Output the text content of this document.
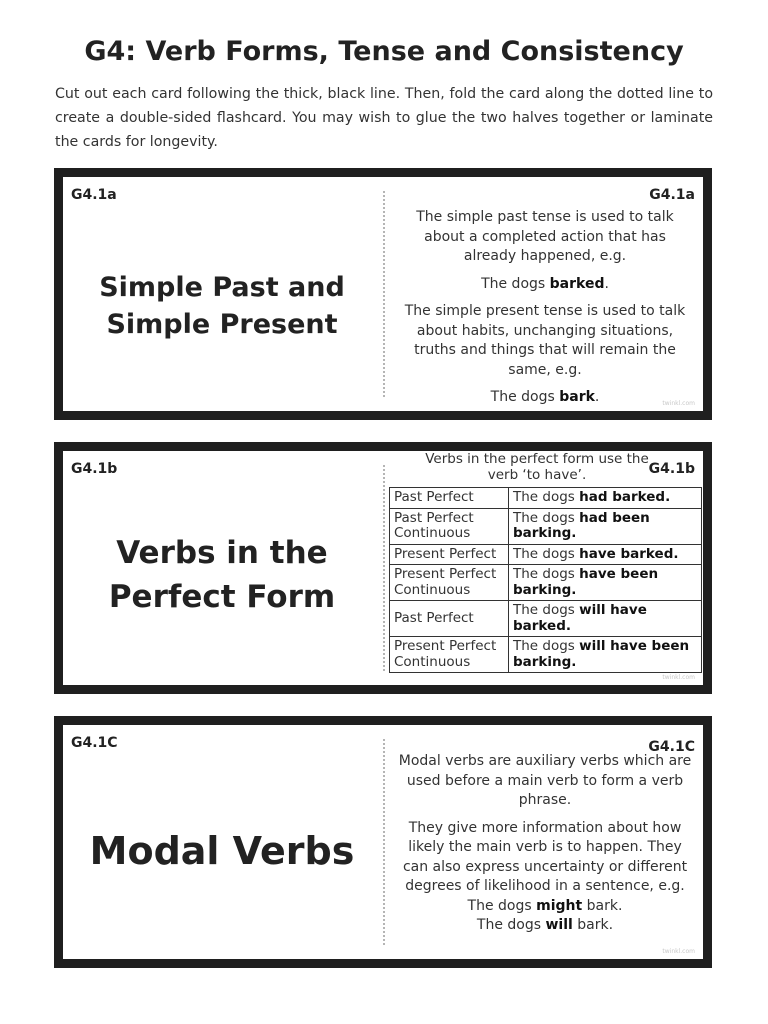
G4: Verb Forms, Tense and Consistency
Cut out each card following the thick, black line. Then, fold the card along the dotted line to create a double-sided flashcard. You may wish to glue the two halves together or laminate the cards for longevity.
G4.1a	G4.1a
Simple Past and
Simple Present

The simple past tense is used to talk about a completed action that has already happened, e.g.

The dogs barked.

The simple present tense is used to talk about habits, unchanging situations, truths and things that will remain the same, e.g.

The dogs bark.	twinkl.com
G4.1b	G4.1b
Verbs in the
Perfect Form
Verbs in the perfect form use the verb ‘to have’.
Past Perfect	The dogs had barked.
Past Perfect Continuous	The dogs had been barking.
Present Perfect	The dogs have barked.
Present Perfect Continuous	The dogs have been barking.
Past Perfect	The dogs will have barked.
Present Perfect Continuous	The dogs will have been barking.
twinkl.com
G4.1C	G4.1C
Modal Verbs

Modal verbs are auxiliary verbs which are used before a main verb to form a verb phrase.

They give more information about how likely the main verb is to happen. They can also express uncertainty or different degrees of likelihood in a sentence, e.g.

The dogs might bark.

The dogs will bark.

twinkl.com
